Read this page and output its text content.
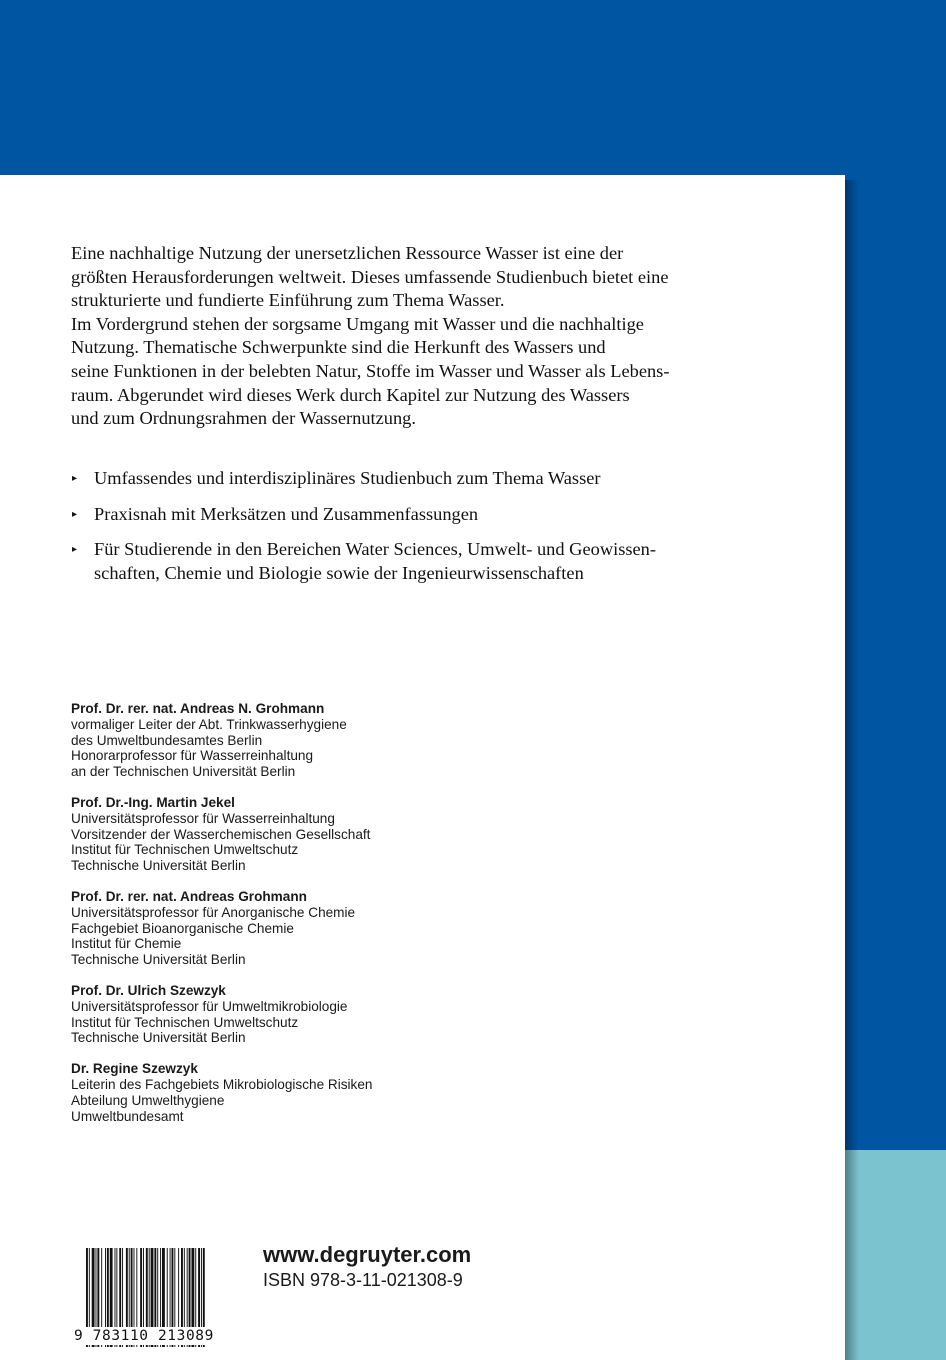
Eine nachhaltige Nutzung der unersetzlichen Ressource Wasser ist eine der
größten Herausforderungen weltweit. Dieses umfassende Studienbuch bietet eine
strukturierte und fundierte Einführung zum Thema Wasser.
Im Vordergrund stehen der sorgsame Umgang mit Wasser und die nachhaltige
Nutzung. Thematische Schwerpunkte sind die Herkunft des Wassers und
seine Funktionen in der belebten Natur, Stoffe im Wasser und Wasser als Lebens-
raum. Abgerundet wird dieses Werk durch Kapitel zur Nutzung des Wassers
und zum Ordnungsrahmen der Wassernutzung.

▸ Umfassendes und interdisziplinäres Studienbuch zum Thema Wasser
▸ Praxisnah mit Merksätzen und Zusammenfassungen
▸ Für Studierende in den Bereichen Water Sciences, Umwelt- und Geowissen-
schaften, Chemie und Biologie sowie der Ingenieurwissenschaften
Prof. Dr. rer. nat. Andreas N. Grohmann
vormaliger Leiter der Abt. Trinkwasserhygiene
des Umweltbundesamtes Berlin
Honorarprofessor für Wasserreinhaltung
an der Technischen Universität Berlin
Prof. Dr.-Ing. Martin Jekel
Universitätsprofessor für Wasserreinhaltung
Vorsitzender der Wasserchemischen Gesellschaft
Institut für Technischen Umweltschutz
Technische Universität Berlin
Prof. Dr. rer. nat. Andreas Grohmann
Universitätsprofessor für Anorganische Chemie
Fachgebiet Bioanorganische Chemie
Institut für Chemie
Technische Universität Berlin
Prof. Dr. Ulrich Szewzyk
Universitätsprofessor für Umweltmikrobiologie
Institut für Technischen Umweltschutz
Technische Universität Berlin
Dr. Regine Szewzyk
Leiterin des Fachgebiets Mikrobiologische Risiken
Abteilung Umwelthygiene
Umweltbundesamt
9 783110 213089
www.degruyter.com
ISBN 978-3-11-021308-9
